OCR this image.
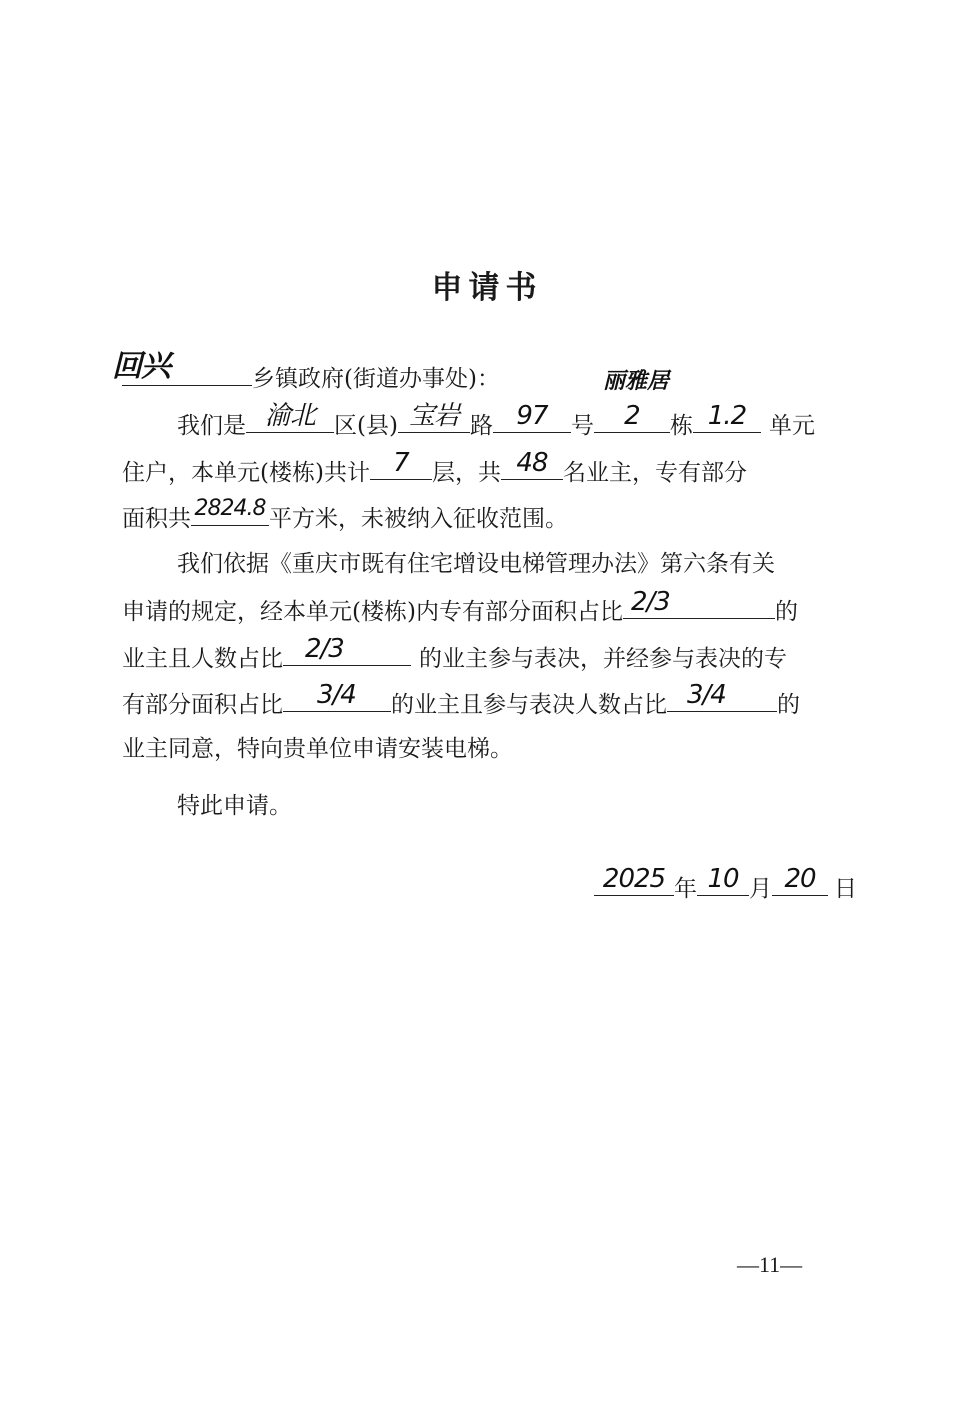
申请书
回兴	乡镇政府(街道办事处)：	丽雅居
我们是 渝北 区(县) 宝岩 路 97	号	2	栋 1.2 单元
住户，本单元(楼栋)共计 7	层，共 48 名业主，专有部分
面积共 2824.8 平方米，未被纳入征收范围。
我们依据《重庆市既有住宅增设电梯管理办法》第六条有关
申请的规定，经本单元(楼栋)内专有部分面积占比 2/3	的
业主且人数占比 2/3	的业主参与表决，并经参与表决的专
有部分面积占比 3/4 的业主且参与表决人数占比 3/4 的
业主同意，特向贵单位申请安装电梯。
特此申请。
2025 年 10 月 20 日
—11—
